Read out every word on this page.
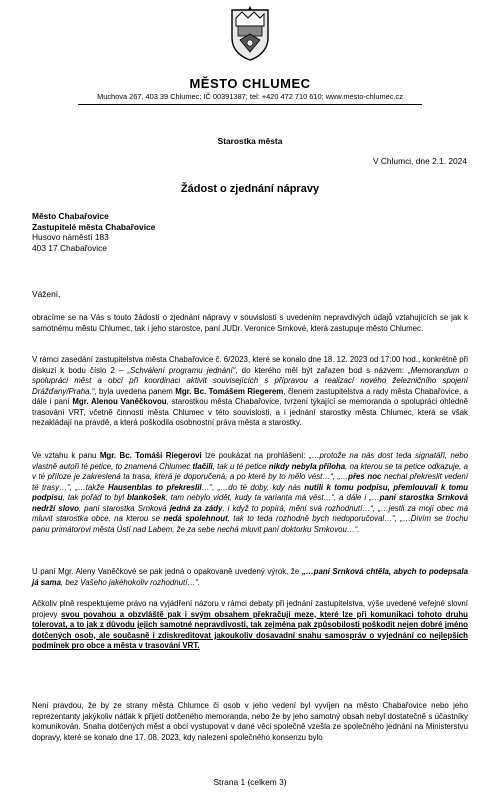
MĚSTO CHLUMEC
Muchova 267, 403 39 Chlumec; IČ 00391387; tel: +420 472 710 610; www.mesto-chlumec.cz
Starostka města
V Chlumci, dne 2.1. 2024
Žádost o zjednání nápravy
Město Chabařovice
Zastupitelé města Chabařovice
Husovo náměstí 183
403 17 Chabařovice
Vážení,
obracíme se na Vás s touto žádostí o zjednání nápravy v souvislosti s uvedením nepravdivých údajů vztahujících se jak k samotnému městu Chlumec, tak i jeho starostce, paní JUDr. Veronice Srnkové, která zastupuje město Chlumec.
V rámci zasedání zastupitelstva města Chabařovice č. 6/2023, které se konalo dne 18. 12. 2023 od 17:00 hod., konkrétně při diskuzi k bodu číslo 2 – „Schválení programu jednání“, do kterého měl být zařazen bod s názvem: „Memorandum o spolupráci měst a obcí při koordinaci aktivit souvisejících s přípravou a realizací nového železničního spojení Drážďany/Praha.“, byla uvedena panem Mgr. Bc. Tomášem Riegerem, členem zastupitelstva a rady města Chabařovice, a dále i paní Mgr. Alenou Vaněčkovou, starostkou města Chabařovice, tvrzení týkající se memoranda o spolupráci ohledně trasování VRT, včetně činnosti města Chlumec v této souvislosti, a i jednání starostky města Chlumec, která se však nezakládají na pravdě, a která poškodila osobnostní práva města a starostky.
Ve vztahu k panu Mgr. Bc. Tomáši Riegerovi lze poukázat na prohlášení: „…protože na nás dost teda signatáři, nebo vlastně autoři té petice, to znamená Chlumec tlačili, tak u té petice nikdy nebyla příloha, na kterou se ta petice odkazuje, a v té příloze je zakreslená ta trasa, která je doporučená, a po které by to mělo vést…“, „…přes noc nechal překreslit vedení té trasy…“, „…takže Hausenblas to překreslil…“, „…do té doby, kdy nás nutili k tomu podpisu, přemlouvali k tomu podpisu, tak pořád to byl blankošek, tam nebylo vidět, kudy ta varianta má vést…“, a dále i „…paní starostka Srnková nedrží slovo, paní starostka Srnková jedná za zády, i když to popírá, mění svá rozhodnutí…“, „…jestli za mojí obec má mluvit starostka obce, na kterou se nedá spolehnout, tak to teda rozhodně bych nedoporučoval…“, „…Divím se trochu panu primátorovi města Ústí nad Labem, že za sebe nechá mluvit paní doktorku Srnkovou…“.
U paní Mgr. Aleny Vaněčkové se pak jedná o opakovaně uvedený výrok, že „…paní Srnková chtěla, abych to podepsala já sama, bez Vašeho jakéhokoliv rozhodnutí…“.
Ačkoliv plně respektujeme právo na vyjádření názoru v rámci debaty při jednání zastupitelstva, výše uvedené veřejné slovní projevy svou povahou a obzvláště pak i svým obsahem překračují meze, které lze při komunikaci tohoto druhu tolerovat, a to jak z důvodu jejich samotné nepravdivosti, tak zejména pak způsobilosti poškodit nejen dobré jméno dotčených osob, ale současně i zdiskreditovat jakoukoliv dosavadní snahu samospráv o vyjednání co nejlepších podmínek pro obce a města v trasování VRT.
Není pravdou, že by ze strany města Chlumce či osob v jeho vedení byl vyvíjen na město Chabařovice nebo jeho reprezentanty jakýkoliv nátlak k přijetí dotčeného memoranda, nebo že by jeho samotný obsah nebyl dostatečně s účastníky komunikován. Snaha dotčených měst a obcí vystupovat v dané věci společně vzešla ze společného jednání na Ministerstvu dopravy, které se konalo dne 17. 08. 2023, kdy nalezení společného konsenzu bylo
Strana 1 (celkem 3)
